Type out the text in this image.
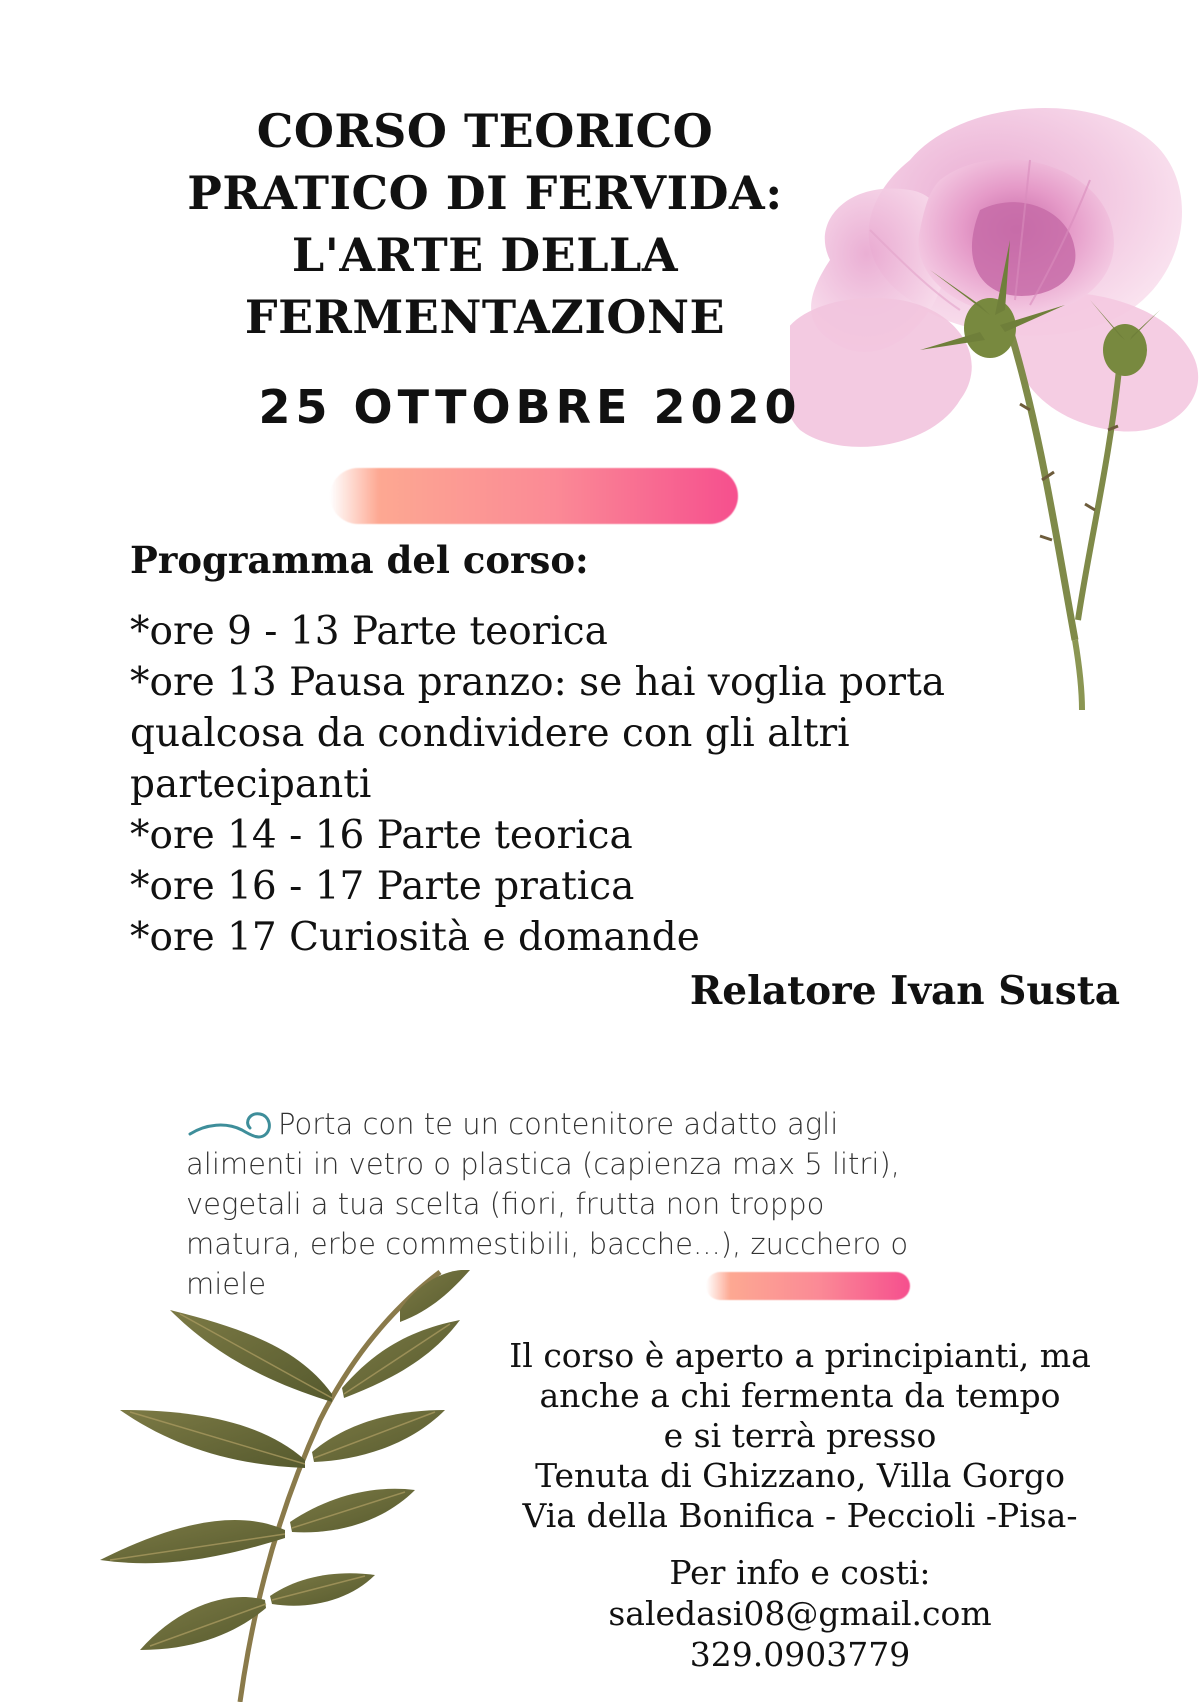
CORSO TEORICO
PRATICO DI FERVIDA:
L'ARTE DELLA
FERMENTAZIONE
25 OTTOBRE 2020
Programma del corso:
*ore 9 - 13 Parte teorica
*ore 13 Pausa pranzo: se hai voglia porta
qualcosa da condividere con gli altri
partecipanti
*ore 14 - 16 Parte teorica
*ore 16 - 17 Parte pratica
*ore 17 Curiosità e domande
Relatore Ivan Susta
Porta con te un contenitore adatto agli
alimenti in vetro o plastica (capienza max 5 litri),
vegetali a tua scelta (fiori, frutta non troppo
matura, erbe commestibili, bacche...), zucchero o
miele
Il corso è aperto a principianti, ma
anche a chi fermenta da tempo
e si terrà presso
Tenuta di Ghizzano, Villa Gorgo
Via della Bonifica - Peccioli -Pisa-
Per info e costi:
saledasi08@gmail.com
329.0903779
